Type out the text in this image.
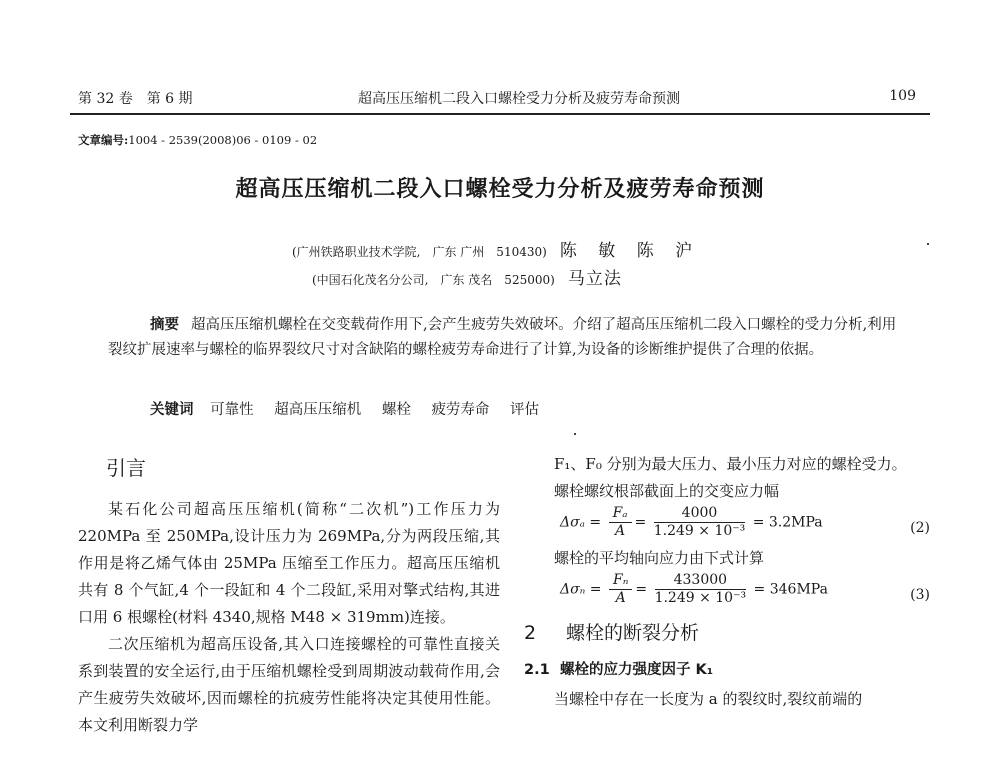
第 32 卷　第 6 期	超高压压缩机二段入口螺栓受力分析及疲劳寿命预测	109
文章编号:1004 - 2539(2008)06 - 0109 - 02
超高压压缩机二段入口螺栓受力分析及疲劳寿命预测
(广州铁路职业技术学院,　广东 广州　510430) 陈 敏 陈 沪
(中国石化茂名分公司,　广东 茂名　525000) 马立法
摘要 超高压压缩机螺栓在交变载荷作用下,会产生疲劳失效破坏。介绍了超高压压缩机二段入口螺栓的受力分析,利用裂纹扩展速率与螺栓的临界裂纹尺寸对含缺陷的螺栓疲劳寿命进行了计算,为设备的诊断维护提供了合理的依据。
关键词 可靠性 超高压压缩机 螺栓 疲劳寿命 评估
引言

某石化公司超高压压缩机(简称“二次机”)工作压力为 220MPa 至 250MPa,设计压力为 269MPa,分为两段压缩,其作用是将乙烯气体由 25MPa 压缩至工作压力。超高压压缩机共有 8 个气缸,4 个一段缸和 4 个二段缸,采用对擎式结构,其进口用 6 根螺栓(材料 4340,规格 M48 × 319mm)连接。

二次压缩机为超高压设备,其入口连接螺栓的可靠性直接关系到装置的安全运行,由于压缩机螺栓受到周期波动载荷作用,会产生疲劳失效破坏,因而螺栓的抗疲劳性能将决定其使用性能。本文利用断裂力学

F₁、F₀ 分别为最大压力、最小压力对应的螺栓受力。

螺栓螺纹根部截面上的交变应力幅

$\Delta\sigma_a = \frac{\text{Fₐ}}{A} = \frac{4000}{\text{1.249 × 10⁻³}} = 3.2MPa$	(2)

螺栓的平均轴向应力由下式计算

$\Delta\sigma_n = \frac{\text{Fₙ}}{A} = \frac{433000}{\text{1.249 × 10⁻³}} = 346MPa$	(3)
2 螺栓的断裂分析
2.1 螺栓的应力强度因子 K₁

当螺栓中存在一长度为 a 的裂纹时,裂纹前端的
